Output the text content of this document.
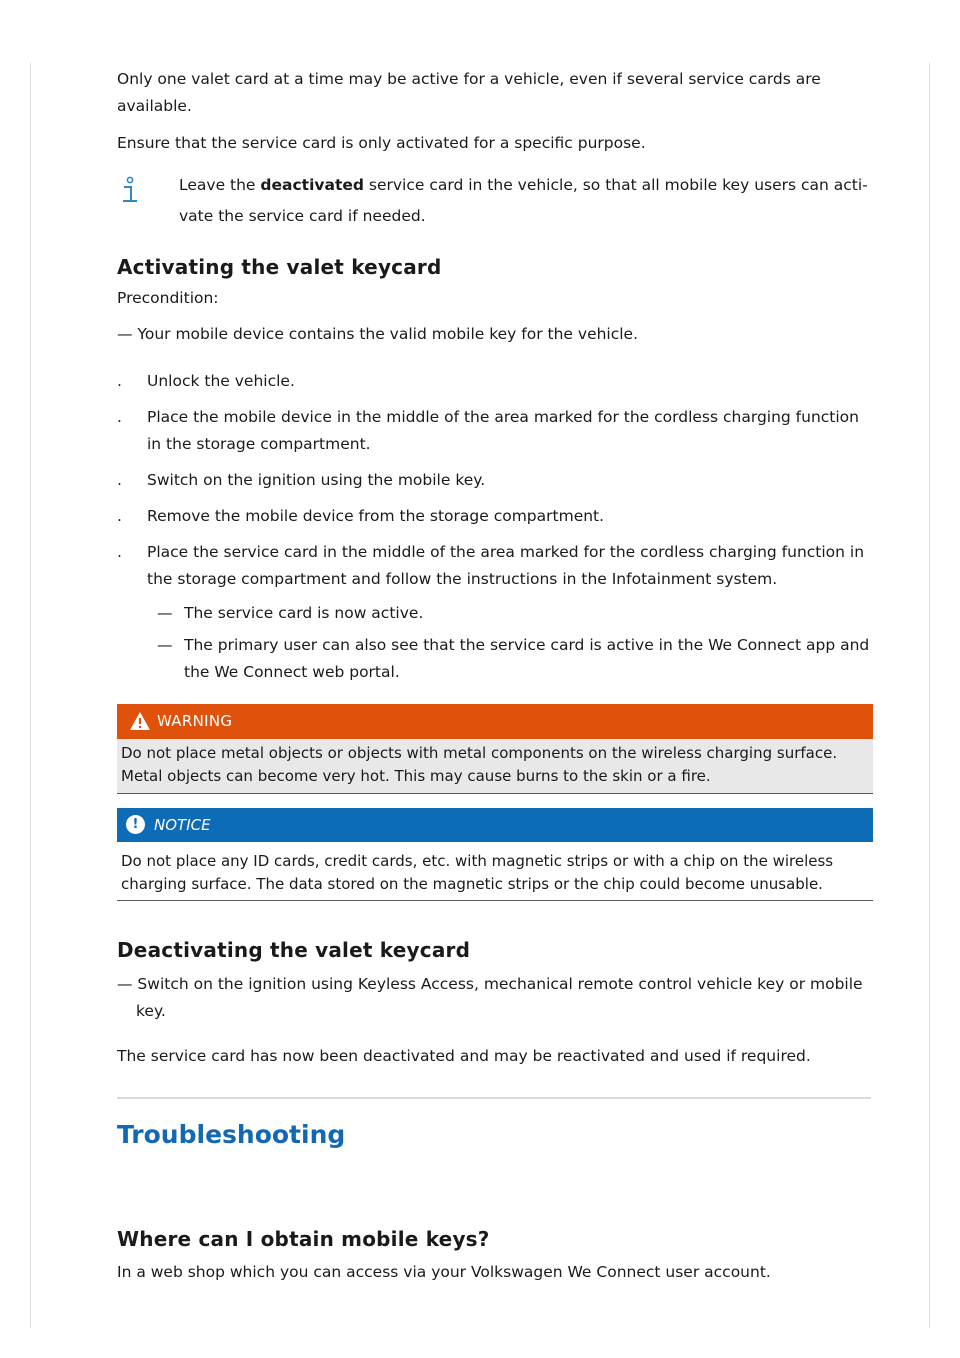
Only one valet card at a time may be active for a vehicle, even if several service cards are available.

Ensure that the service card is only activated for a specific purpose.

Leave the deactivated service card in the vehicle, so that all mobile key users can acti-vate the service card if needed.
Activating the valet keycard
Precondition:
— Your mobile device contains the valid mobile key for the vehicle.
. Unlock the vehicle.
. Place the mobile device in the middle of the area marked for the cordless charging function in the storage compartment.
. Switch on the ignition using the mobile key.
. Remove the mobile device from the storage compartment.
. Place the service card in the middle of the area marked for the cordless charging function in the storage compartment and follow the instructions in the Infotainment system.
— The service card is now active.
— The primary user can also see that the service card is active in the We Connect app and the We Connect web portal.
WARNING
Do not place metal objects or objects with metal components on the wireless charging surface. Metal objects can become very hot. This may cause burns to the skin or a fire.
!	NOTICE
Do not place any ID cards, credit cards, etc. with magnetic strips or with a chip on the wireless charging surface. The data stored on the magnetic strips or the chip could become unusable.
Deactivating the valet keycard
— Switch on the ignition using Keyless Access, mechanical remote control vehicle key or mobile key.

The service card has now been deactivated and may be reactivated and used if required.

Troubleshooting
Where can I obtain mobile keys?

In a web shop which you can access via your Volkswagen We Connect user account.
